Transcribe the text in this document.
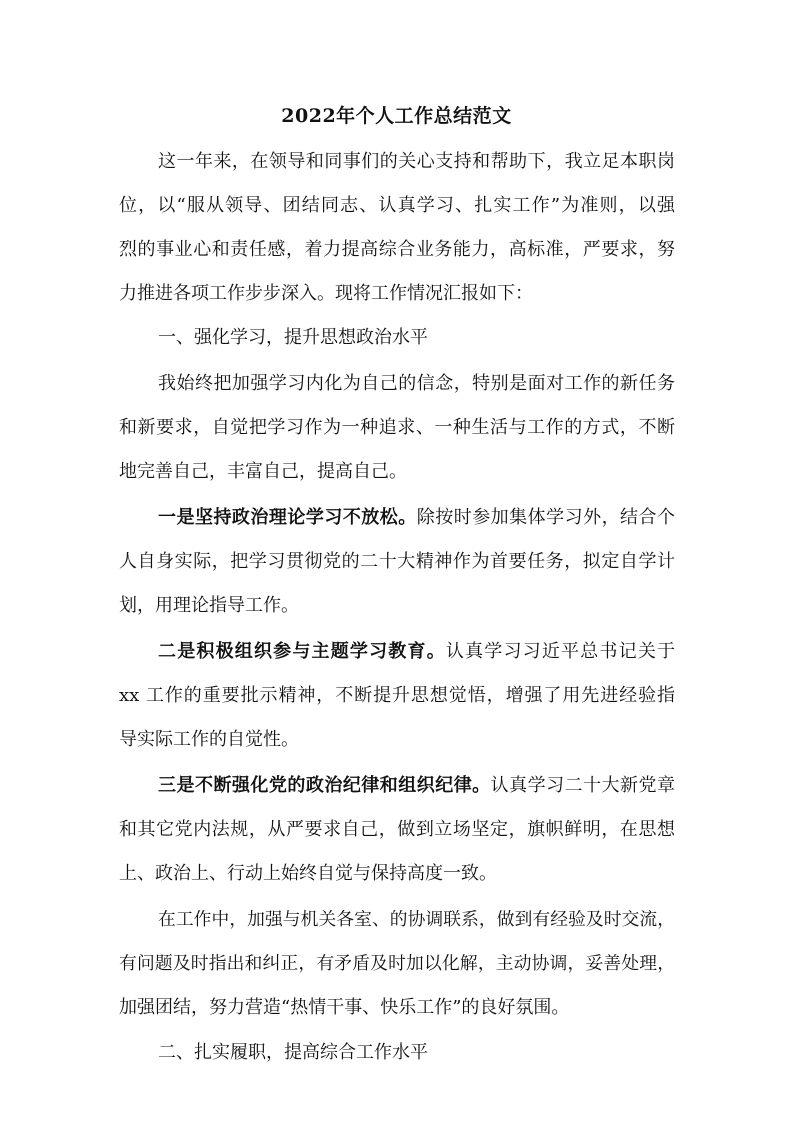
2022年个人工作总结范文
这一年来，在领导和同事们的关心支持和帮助下，我立足本职岗
位，以“服从领导、团结同志、认真学习、扎实工作”为准则，以强
烈的事业心和责任感，着力提高综合业务能力，高标准，严要求，努
力推进各项工作步步深入。现将工作情况汇报如下：
一、强化学习，提升思想政治水平
我始终把加强学习内化为自己的信念，特别是面对工作的新任务
和新要求，自觉把学习作为一种追求、一种生活与工作的方式，不断
地完善自己，丰富自己，提高自己。
一是坚持政治理论学习不放松。除按时参加集体学习外，结合个
人自身实际，把学习贯彻党的二十大精神作为首要任务，拟定自学计
划，用理论指导工作。
二是积极组织参与主题学习教育。认真学习习近平总书记关于
xx 工作的重要批示精神，不断提升思想觉悟，增强了用先进经验指
导实际工作的自觉性。
三是不断强化党的政治纪律和组织纪律。认真学习二十大新党章
和其它党内法规，从严要求自己，做到立场坚定，旗帜鲜明，在思想
上、政治上、行动上始终自觉与保持高度一致。
在工作中，加强与机关各室、的协调联系，做到有经验及时交流，
有问题及时指出和纠正，有矛盾及时加以化解，主动协调，妥善处理，
加强团结，努力营造“热情干事、快乐工作”的良好氛围。
二、扎实履职，提高综合工作水平
